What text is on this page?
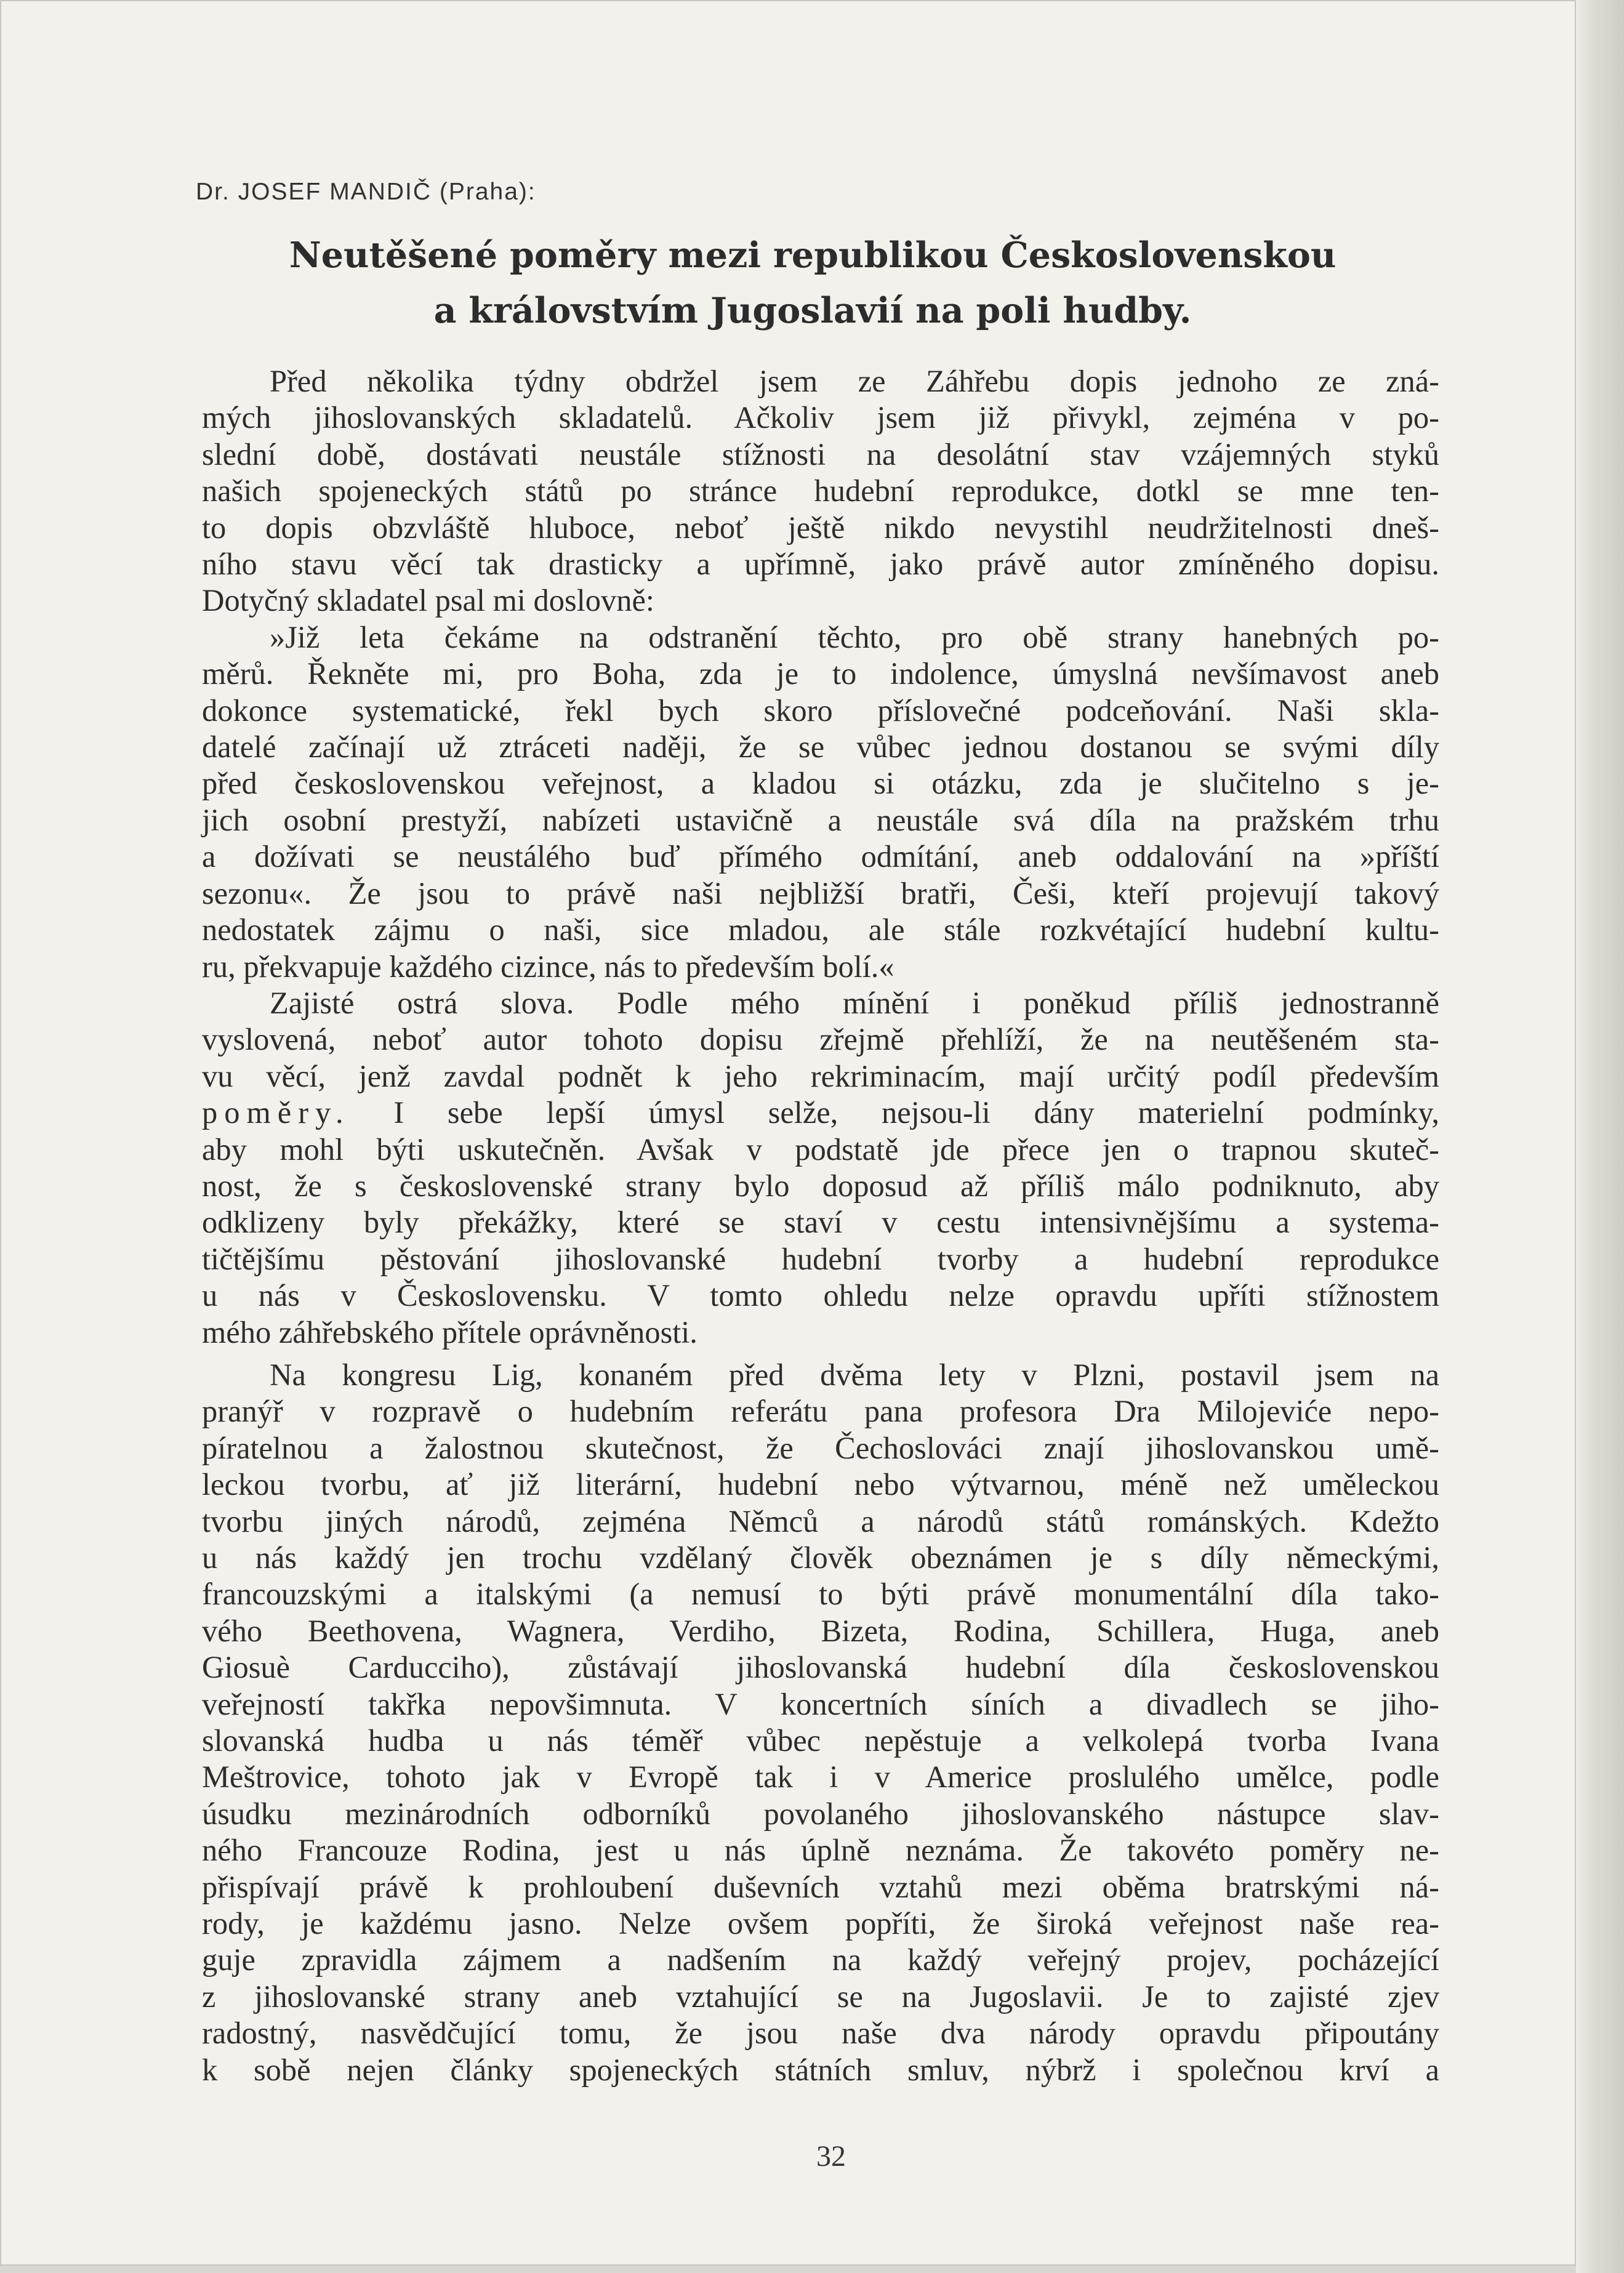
Dr. JOSEF MANDIČ (Praha):
Neutěšené poměry mezi republikou Československou
a královstvím Jugoslavií na poli hudby.
Před několika týdny obdržel jsem ze Záhřebu dopis jednoho ze zná-
mých jihoslovanských skladatelů. Ačkoliv jsem již přivykl, zejména v po-
slední době, dostávati neustále stížnosti na desolátní stav vzájemných styků
našich spojeneckých států po stránce hudební reprodukce, dotkl se mne ten-
to dopis obzvláště hluboce, neboť ještě nikdo nevystihl neudržitelnosti dneš-
ního stavu věcí tak drasticky a upřímně, jako právě autor zmíněného dopisu.
Dotyčný skladatel psal mi doslovně:
»Již leta čekáme na odstranění těchto, pro obě strany hanebných po-
měrů. Řekněte mi, pro Boha, zda je to indolence, úmyslná nevšímavost aneb
dokonce systematické, řekl bych skoro příslovečné podceňování. Naši skla-
datelé začínají už ztráceti naději, že se vůbec jednou dostanou se svými díly
před československou veřejnost, a kladou si otázku, zda je slučitelno s je-
jich osobní prestyží, nabízeti ustavičně a neustále svá díla na pražském trhu
a dožívati se neustálého buď přímého odmítání, aneb oddalování na »příští
sezonu«. Že jsou to právě naši nejbližší bratři, Češi, kteří projevují takový
nedostatek zájmu o naši, sice mladou, ale stále rozkvétající hudební kultu-
ru, překvapuje každého cizince, nás to především bolí.«
Zajisté ostrá slova. Podle mého mínění i poněkud příliš jednostranně
vyslovená, neboť autor tohoto dopisu zřejmě přehlíží, že na neutěšeném sta-
vu věcí, jenž zavdal podnět k jeho rekriminacím, mají určitý podíl především
poměry. I sebe lepší úmysl selže, nejsou-li dány materielní podmínky,
aby mohl býti uskutečněn. Avšak v podstatě jde přece jen o trapnou skuteč-
nost, že s československé strany bylo doposud až příliš málo podniknuto, aby
odklizeny byly překážky, které se staví v cestu intensivnějšímu a systema-
tičtějšímu pěstování jihoslovanské hudební tvorby a hudební reprodukce
u nás v Československu. V tomto ohledu nelze opravdu upříti stížnostem
mého záhřebského přítele oprávněnosti.
Na kongresu Lig, konaném před dvěma lety v Plzni, postavil jsem na
pranýř v rozpravě o hudebním referátu pana profesora Dra Milojeviće nepo-
píratelnou a žalostnou skutečnost, že Čechoslováci znají jihoslovanskou umě-
leckou tvorbu, ať již literární, hudební nebo výtvarnou, méně než uměleckou
tvorbu jiných národů, zejména Němců a národů států románských. Kdežto
u nás každý jen trochu vzdělaný člověk obeznámen je s díly německými,
francouzskými a italskými (a nemusí to býti právě monumentální díla tako-
vého Beethovena, Wagnera, Verdiho, Bizeta, Rodina, Schillera, Huga, aneb
Giosuè Carducciho), zůstávají jihoslovanská hudební díla československou
veřejností takřka nepovšimnuta. V koncertních síních a divadlech se jiho-
slovanská hudba u nás téměř vůbec nepěstuje a velkolepá tvorba Ivana
Meštrovice, tohoto jak v Evropě tak i v Americe proslulého umělce, podle
úsudku mezinárodních odborníků povolaného jihoslovanského nástupce slav-
ného Francouze Rodina, jest u nás úplně neznáma. Že takovéto poměry ne-
přispívají právě k prohloubení duševních vztahů mezi oběma bratrskými ná-
rody, je každému jasno. Nelze ovšem popříti, že široká veřejnost naše rea-
guje zpravidla zájmem a nadšením na každý veřejný projev, pocházející
z jihoslovanské strany aneb vztahující se na Jugoslavii. Je to zajisté zjev
radostný, nasvědčující tomu, že jsou naše dva národy opravdu připoutány
k sobě nejen články spojeneckých státních smluv, nýbrž i společnou krví a
32
